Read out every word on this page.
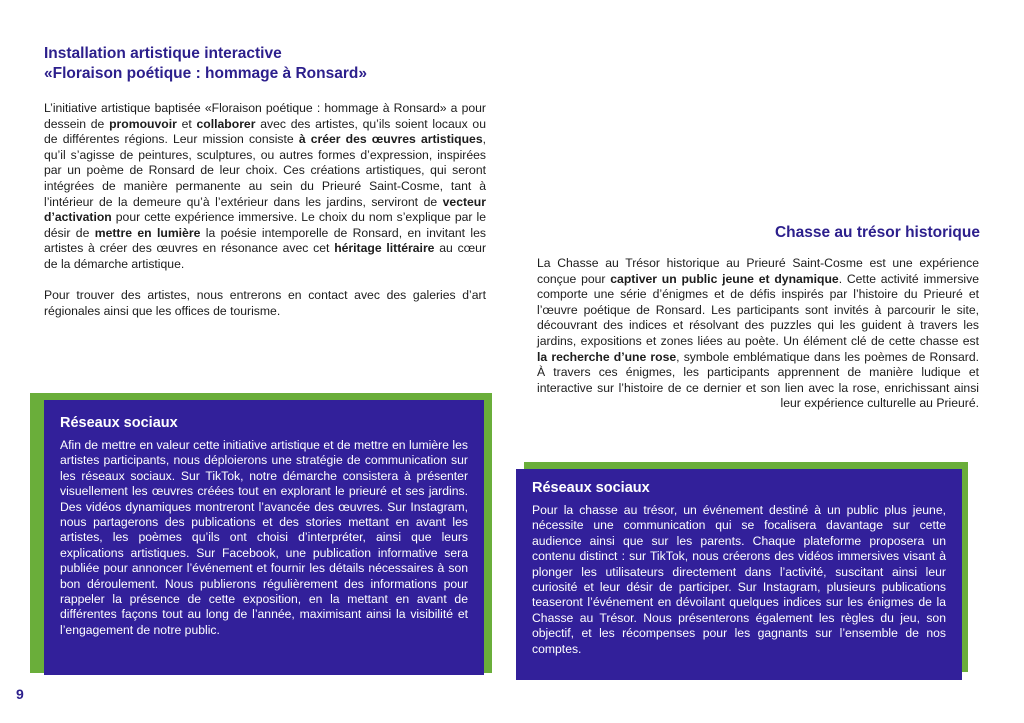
Installation artistique interactive
«Floraison poétique : hommage à Ronsard»

L’initiative artistique baptisée «Floraison poétique : hommage à Ronsard» a pour dessein de promouvoir et collaborer avec des artistes, qu’ils soient locaux ou de différentes régions. Leur mission consiste à créer des œuvres artistiques, qu’il s’agisse de peintures, sculptures, ou autres formes d’expression, inspirées par un poème de Ronsard de leur choix. Ces créations artistiques, qui seront intégrées de manière permanente au sein du Prieuré Saint-Cosme, tant à l’intérieur de la demeure qu’à l’extérieur dans les jardins, serviront de vecteur d’activation pour cette expérience immersive. Le choix du nom s’explique par le désir de mettre en lumière la poésie intemporelle de Ronsard, en invitant les artistes à créer des œuvres en résonance avec cet héritage littéraire au cœur de la démarche artistique.

Pour trouver des artistes, nous entrerons en contact avec des galeries d’art régionales ainsi que les offices de tourisme.

Réseaux sociaux

Afin de mettre en valeur cette initiative artistique et de mettre en lumière les artistes participants, nous déploierons une stratégie de communication sur les réseaux sociaux. Sur TikTok, notre démarche consistera à présenter visuellement les œuvres créées tout en explorant le prieuré et ses jardins. Des vidéos dynamiques montreront l’avancée des œuvres. Sur Instagram, nous partagerons des publications et des stories mettant en avant les artistes, les poèmes qu’ils ont choisi d’interpréter, ainsi que leurs explications artistiques. Sur Facebook, une publication informative sera publiée pour annoncer l’événement et fournir les détails nécessaires à son bon déroulement. Nous publierons régulièrement des informations pour rappeler la présence de cette exposition, en la mettant en avant de différentes façons tout au long de l’année, maximisant ainsi la visibilité et l’engagement de notre public.

Chasse au trésor historique

La Chasse au Trésor historique au Prieuré Saint-Cosme est une expérience conçue pour captiver un public jeune et dynamique. Cette activité immersive comporte une série d’énigmes et de défis inspirés par l’histoire du Prieuré et l’œuvre poétique de Ronsard. Les participants sont invités à parcourir le site, découvrant des indices et résolvant des puzzles qui les guident à travers les jardins, expositions et zones liées au poète. Un élément clé de cette chasse est la recherche d’une rose, symbole emblématique dans les poèmes de Ronsard. À travers ces énigmes, les participants apprennent de manière ludique et interactive sur l’histoire de ce dernier et son lien avec la rose, enrichissant ainsi leur expérience culturelle au Prieuré.

Réseaux sociaux

Pour la chasse au trésor, un événement destiné à un public plus jeune, nécessite une communication qui se focalisera davantage sur cette audience ainsi que sur les parents. Chaque plateforme proposera un contenu distinct : sur TikTok, nous créerons des vidéos immersives visant à plonger les utilisateurs directement dans l’activité, suscitant ainsi leur curiosité et leur désir de participer. Sur Instagram, plusieurs publications teaseront l’événement en dévoilant quelques indices sur les énigmes de la Chasse au Trésor. Nous présenterons également les règles du jeu, son objectif, et les récompenses pour les gagnants sur l’ensemble de nos comptes.

9
